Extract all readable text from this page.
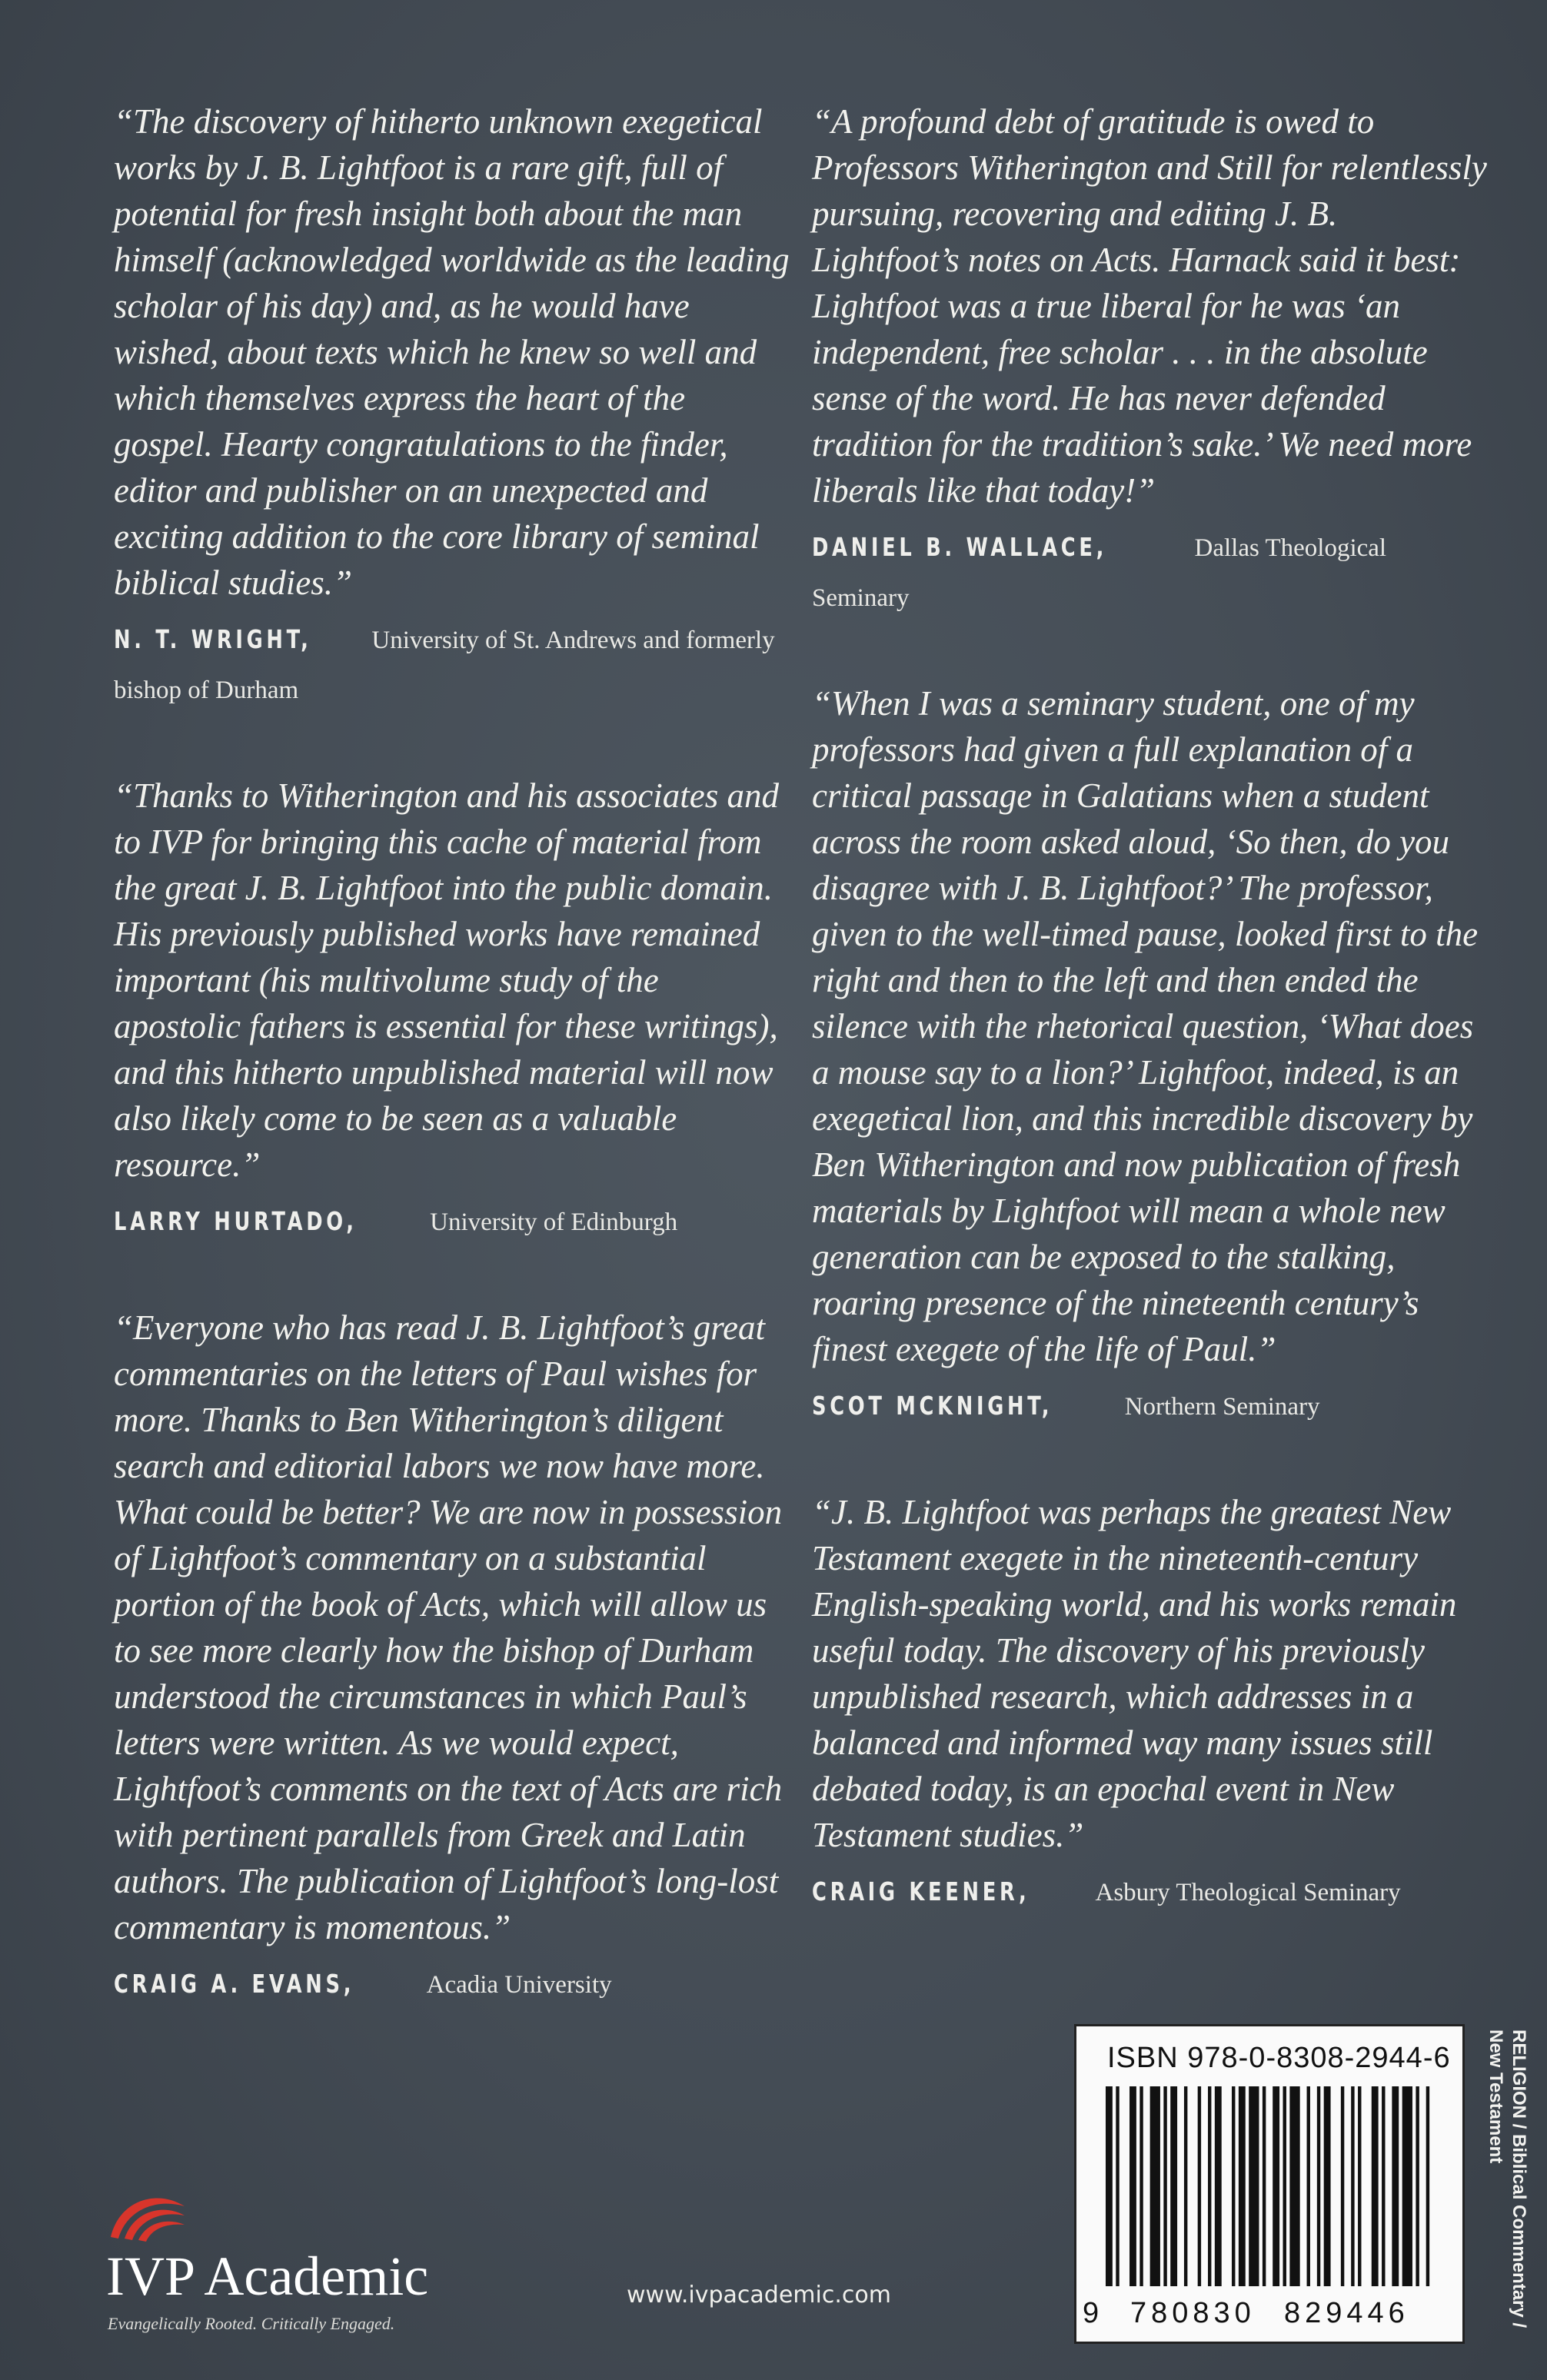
“The discovery of hitherto unknown exegetical works by J. B. Lightfoot is a rare gift, full of potential for fresh insight both about the man himself (acknowledged worldwide as the leading scholar of his day) and, as he would have wished, about texts which he knew so well and which themselves express the heart of the gospel. Hearty congratulations to the finder, editor and publisher on an unexpected and exciting addition to the core library of seminal biblical studies.”

N. T. WRIGHT, University of St. Andrews and formerly bishop of Durham

“Thanks to Witherington and his associates and to IVP for bringing this cache of material from the great J. B. Lightfoot into the public domain. His previously published works have remained important (his multivolume study of the apostolic fathers is essential for these writings), and this hitherto unpublished material will now also likely come to be seen as a valuable resource.”

LARRY HURTADO,	University of Edinburgh

“Everyone who has read J. B. Lightfoot’s great commentaries on the letters of Paul wishes for more. Thanks to Ben Witherington’s diligent search and editorial labors we now have more. What could be better? We are now in possession of Lightfoot’s commentary on a substantial portion of the book of Acts, which will allow us to see more clearly how the bishop of Durham understood the circumstances in which Paul’s letters were written. As we would expect, Lightfoot’s comments on the text of Acts are rich with pertinent parallels from Greek and Latin authors. The publication of Lightfoot’s long-lost commentary is momentous.”

CRAIG A. EVANS,	Acadia University

“A profound debt of gratitude is owed to Professors Witherington and Still for relentlessly pursuing, recovering and editing J. B. Lightfoot’s notes on Acts. Harnack said it best: Lightfoot was a true liberal for he was ‘an independent, free scholar . . . in the absolute sense of the word. He has never defended tradition for the tradition’s sake.’ We need more liberals like that today!”

DANIEL B. WALLACE,	Dallas Theological Seminary

“When I was a seminary student, one of my professors had given a full explanation of a critical passage in Galatians when a student across the room asked aloud, ‘So then, do you disagree with J. B. Lightfoot?’ The professor, given to the well-timed pause, looked first to the right and then to the left and then ended the silence with the rhetorical question, ‘What does a mouse say to a lion?’ Lightfoot, indeed, is an exegetical lion, and this incredible discovery by Ben Witherington and now publication of fresh materials by Lightfoot will mean a whole new generation can be exposed to the stalking, roaring presence of the nineteenth century’s finest exegete of the life of Paul.”

SCOT MCKNIGHT,	Northern Seminary

“J. B. Lightfoot was perhaps the greatest New Testament exegete in the nineteenth-century English-speaking world, and his works remain useful today. The discovery of his previously unpublished research, which addresses in a balanced and informed way many issues still debated today, is an epochal event in New Testament studies.”

CRAIG KEENER,	Asbury Theological Seminary
ISBN 978-0-8308-2944-6
9 780830 829446	RELIGION / Biblical Commentary /
New Testament
IVP Academic
Evangelically Rooted. Critically Engaged.
www.ivpacademic.com
